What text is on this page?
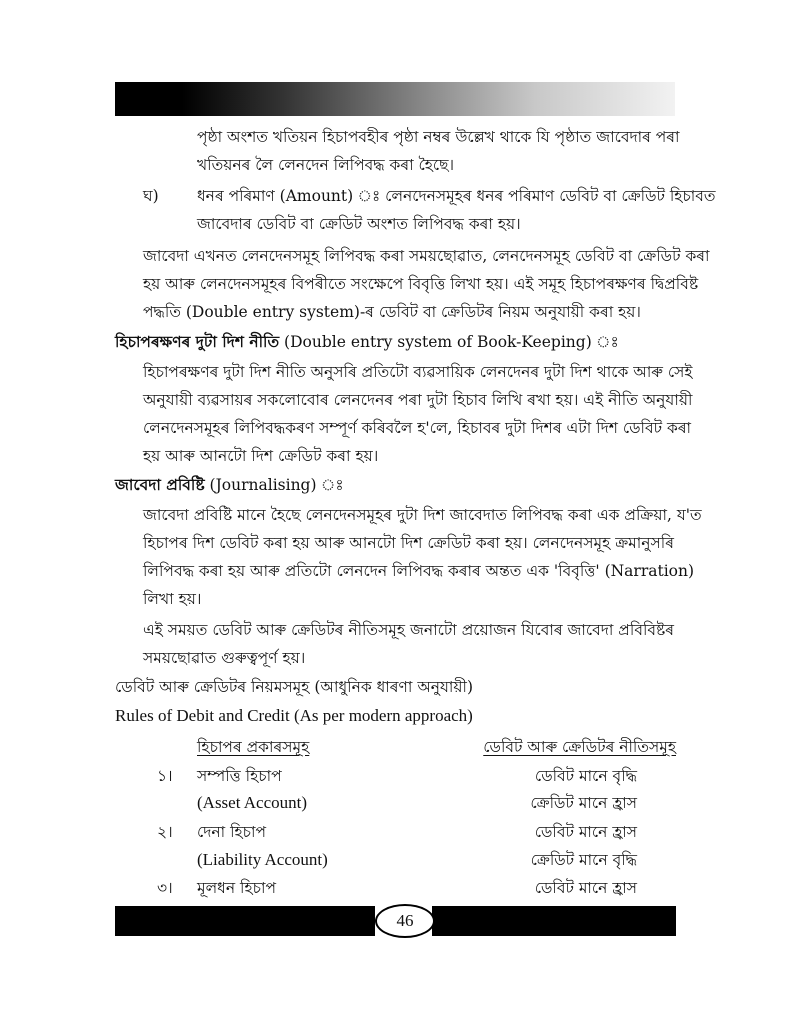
পৃষ্ঠা অংশত খতিয়ন হিচাপবহীৰ পৃষ্ঠা নম্বৰ উল্লেখ থাকে যি পৃষ্ঠাত জাবেদাৰ পৰা
খতিয়নৰ লৈ লেনদেন লিপিবদ্ধ কৰা হৈছে।
ঘ) ধনৰ পৰিমাণ (Amount) ঃ লেনদেনসমূহৰ ধনৰ পৰিমাণ ডেবিট বা ক্ৰেডিট হিচাবত
জাবেদাৰ ডেবিট বা ক্ৰেডিট অংশত লিপিবদ্ধ কৰা হয়।
জাবেদা এখনত লেনদেনসমূহ লিপিবদ্ধ কৰা সময়ছোৱাত, লেনদেনসমূহ ডেবিট বা ক্ৰেডিট কৰা
হয় আৰু লেনদেনসমূহৰ বিপৰীতে সংক্ষেপে বিবৃত্তি লিখা হয়। এই সমূহ হিচাপৰক্ষণৰ দ্বিপ্ৰবিষ্ট
পদ্ধতি (Double entry system)-ৰ ডেবিট বা ক্ৰেডিটৰ নিয়ম অনুযায়ী কৰা হয়।
হিচাপৰক্ষণৰ দুটা দিশ নীতি (Double entry system of Book-Keeping) ঃ
হিচাপৰক্ষণৰ দুটা দিশ নীতি অনুসৰি প্ৰতিটো ব্যৱসায়িক লেনদেনৰ দুটা দিশ থাকে আৰু সেই
অনুযায়ী ব্যৱসায়ৰ সকলোবোৰ লেনদেনৰ পৰা দুটা হিচাব লিখি ৰখা হয়। এই নীতি অনুযায়ী
লেনদেনসমূহৰ লিপিবদ্ধকৰণ সম্পূৰ্ণ কৰিবলৈ হ'লে, হিচাবৰ দুটা দিশৰ এটা দিশ ডেবিট কৰা
হয় আৰু আনটো দিশ ক্ৰেডিট কৰা হয়।
জাবেদা প্ৰবিষ্টি (Journalising) ঃ
জাবেদা প্ৰবিষ্টি মানে হৈছে লেনদেনসমূহৰ দুটা দিশ জাবেদাত লিপিবদ্ধ কৰা এক প্ৰক্ৰিয়া, য'ত
হিচাপৰ দিশ ডেবিট কৰা হয় আৰু আনটো দিশ ক্ৰেডিট কৰা হয়। লেনদেনসমূহ ক্ৰমানুসৰি
লিপিবদ্ধ কৰা হয় আৰু প্ৰতিটো লেনদেন লিপিবদ্ধ কৰাৰ অন্তত এক 'বিবৃত্তি' (Narration)
লিখা হয়।
এই সময়ত ডেবিট আৰু ক্ৰেডিটৰ নীতিসমূহ জনাটো প্ৰয়োজন যিবোৰ জাবেদা প্ৰবিবিষ্টৰ
সময়ছোৱাত গুৰুত্বপূৰ্ণ হয়।
ডেবিট আৰু ক্ৰেডিটৰ নিয়মসমূহ (আধুনিক ধাৰণা অনুযায়ী)
Rules of Debit and Credit (As per modern approach)
হিচাপৰ প্ৰকাৰসমূহ	ডেবিট আৰু ক্ৰেডিটৰ নীতিসমূহ
১। সম্পত্তি হিচাপ	ডেবিট মানে বৃদ্ধি
(Asset Account)	ক্ৰেডিট মানে হ্ৰাস
২। দেনা হিচাপ	ডেবিট মানে হ্ৰাস
(Liability Account)	ক্ৰেডিট মানে বৃদ্ধি
৩। মূলধন হিচাপ	ডেবিট মানে হ্ৰাস
46
